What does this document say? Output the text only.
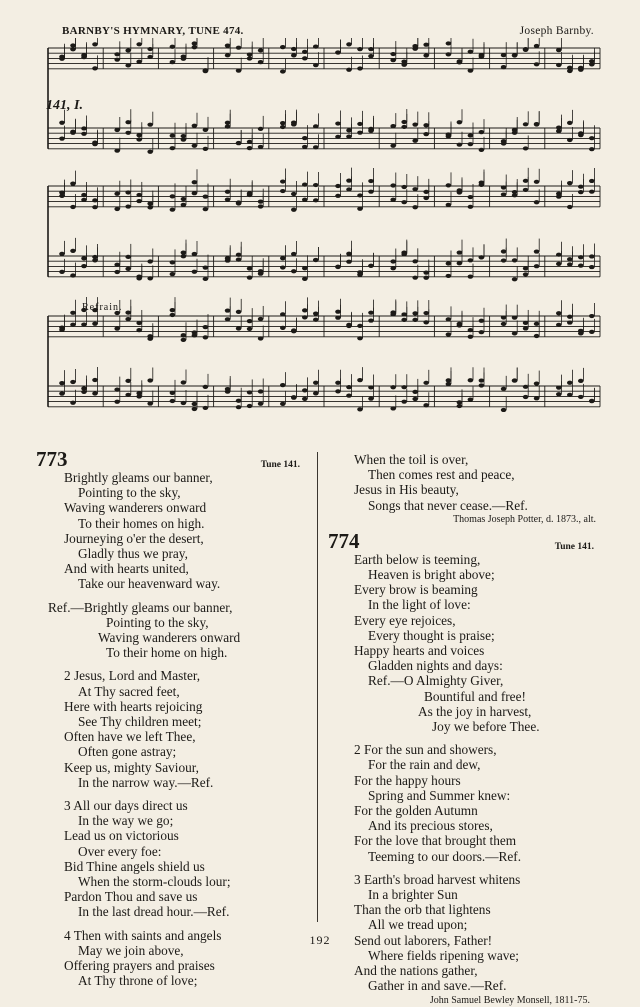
BARNBY'S HYMNARY, TUNE 474.	Joseph Barnby.
141, I.
Refrain.
773	Tune 141.
Brightly gleams our banner,
Pointing to the sky,
Waving wanderers onward
To their homes on high.
Journeying o'er the desert,
Gladly thus we pray,
And with hearts united,
Take our heavenward way.
Ref.—Brightly gleams our banner,
Pointing to the sky,
Waving wanderers onward
To their home on high.
2 Jesus, Lord and Master,
At Thy sacred feet,
Here with hearts rejoicing
See Thy children meet;
Often have we left Thee,
Often gone astray;
Keep us, mighty Saviour,
In the narrow way.—Ref.
3 All our days direct us
In the way we go;
Lead us on victorious
Over every foe:
Bid Thine angels shield us
When the storm-clouds lour;
Pardon Thou and save us
In the last dread hour.—Ref.
4 Then with saints and angels
May we join above,
Offering prayers and praises
At Thy throne of love;
When the toil is over,
Then comes rest and peace,
Jesus in His beauty,
Songs that never cease.—Ref.
Thomas Joseph Potter, d. 1873., alt.
774	Tune 141.
Earth below is teeming,
Heaven is bright above;
Every brow is beaming
In the light of love:
Every eye rejoices,
Every thought is praise;
Happy hearts and voices
Gladden nights and days:
Ref.—O Almighty Giver,
Bountiful and free!
As the joy in harvest,
Joy we before Thee.
2 For the sun and showers,
For the rain and dew,
For the happy hours
Spring and Summer knew:
For the golden Autumn
And its precious stores,
For the love that brought them
Teeming to our doors.—Ref.
3 Earth's broad harvest whitens
In a brighter Sun
Than the orb that lightens
All we tread upon;
Send out laborers, Father!
Where fields ripening wave;
And the nations gather,
Gather in and save.—Ref.
John Samuel Bewley Monsell, 1811-75.
192
